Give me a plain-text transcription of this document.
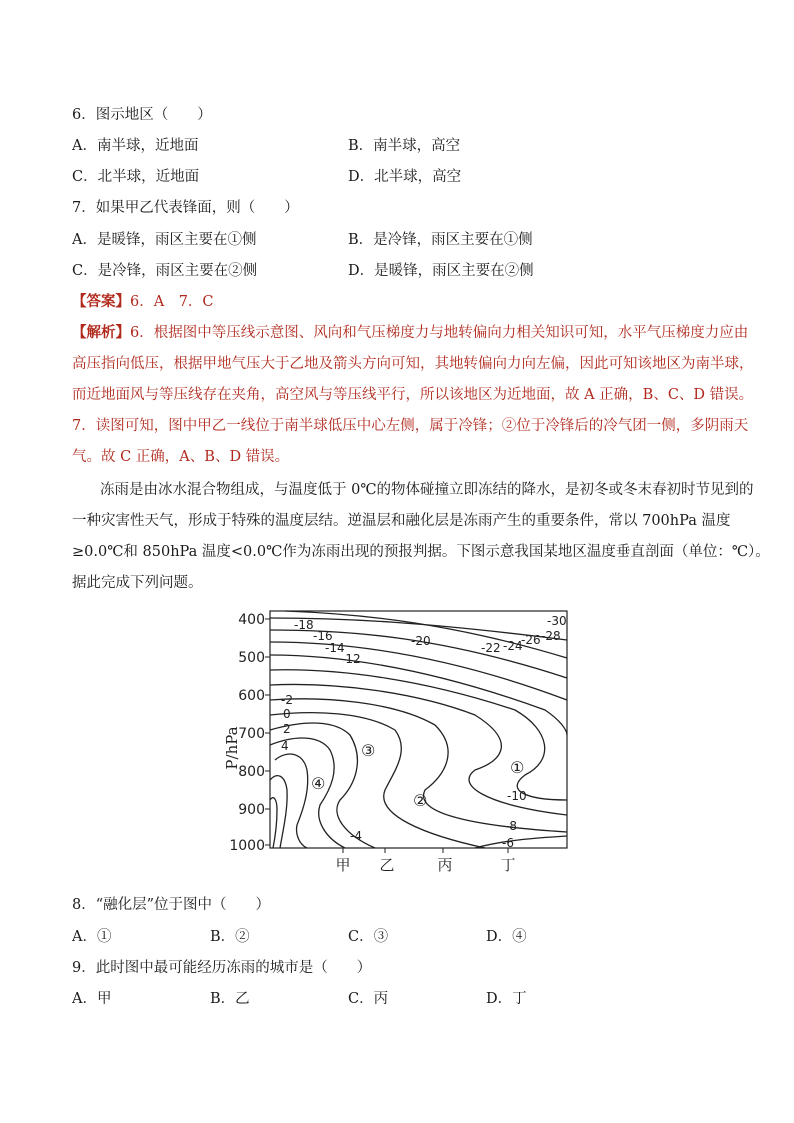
6．图示地区（　　）
A．南半球，近地面	B．南半球，高空
C．北半球，近地面	D．北半球，高空
7．如果甲乙代表锋面，则（　　）
A．是暖锋，雨区主要在①侧	B．是冷锋，雨区主要在①侧
C．是冷锋，雨区主要在②侧	D．是暖锋，雨区主要在②侧
【答案】6．A　7．C
【解析】6．根据图中等压线示意图、风向和气压梯度力与地转偏向力相关知识可知，水平气压梯度力应由
高压指向低压，根据甲地气压大于乙地及箭头方向可知，其地转偏向力向左偏，因此可知该地区为南半球，
而近地面风与等压线存在夹角，高空风与等压线平行，所以该地区为近地面，故 A 正确，B、C、D 错误。
7．读图可知，图中甲乙一线位于南半球低压中心左侧，属于冷锋；②位于冷锋后的冷气团一侧，多阴雨天
气。故 C 正确，A、B、D 错误。
冻雨是由冰水混合物组成，与温度低于 0℃的物体碰撞立即冻结的降水，是初冬或冬末春初时节见到的
一种灾害性天气，形成于特殊的温度层结。逆温层和融化层是冻雨产生的重要条件，常以 700hPa 温度
≥0.0℃和 850hPa 温度<0.0℃作为冻雨出现的预报判据。下图示意我国某地区温度垂直剖面（单位：℃）。
据此完成下列问题。
400
500
600
700
800
900
1000
P/hPa
甲 乙	丙	丁
-30
-28
-26
-24
-22
-20
-18
-16
-14
-12
-10
-8
-6
-4
-2
0
2
4
④
③
②
①
8．“融化层”位于图中（　　）
A．①	B．②	C．③	D．④
9．此时图中最可能经历冻雨的城市是（　　）
A．甲	B．乙	C．丙	D．丁
